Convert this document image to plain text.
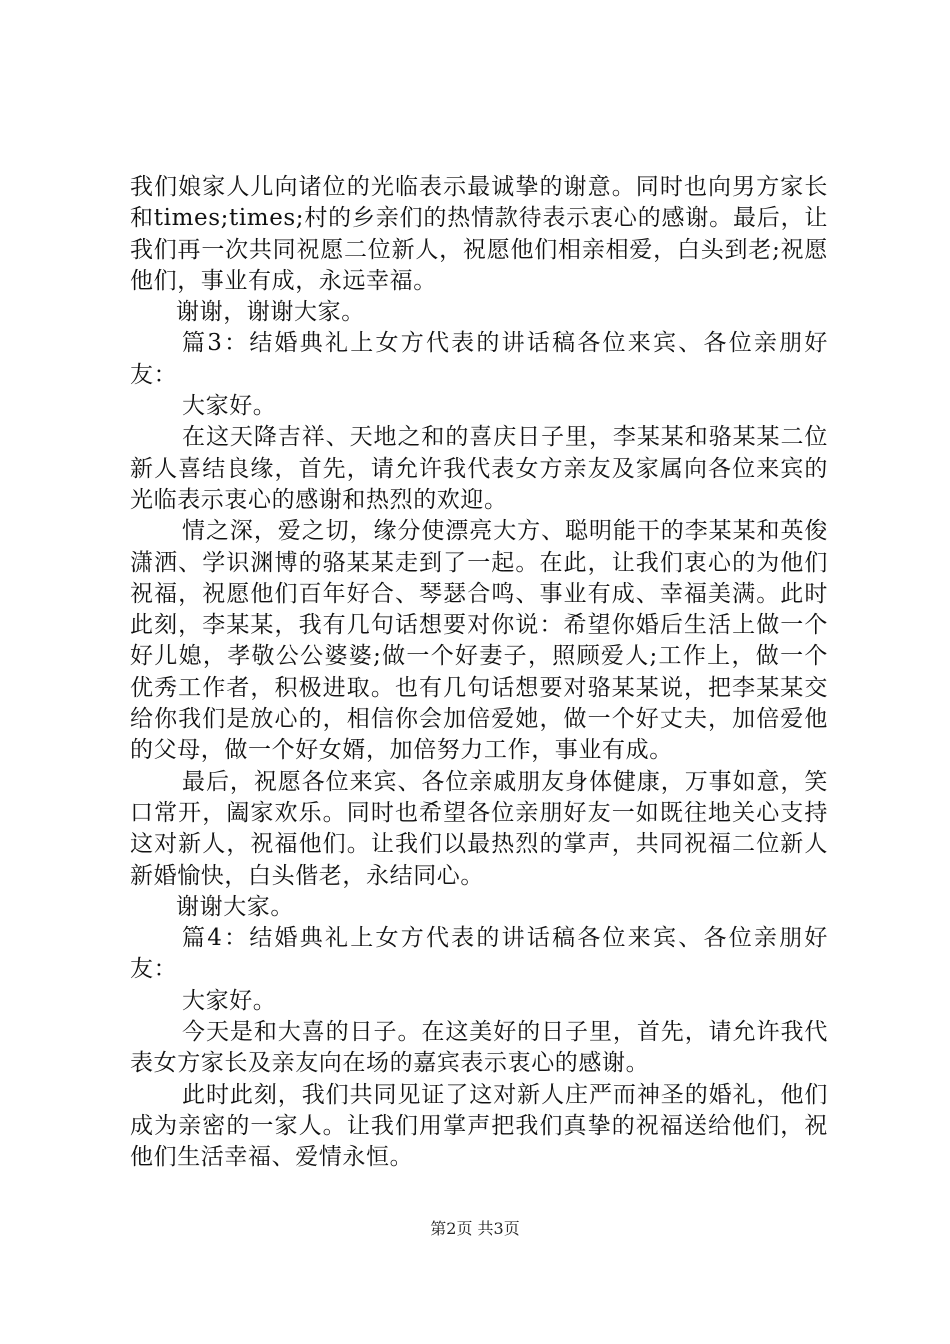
我们娘家人儿向诸位的光临表示最诚挚的谢意。同时也向男方家长和times;times;村的乡亲们的热情款待表示衷心的感谢。最后，让我们再一次共同祝愿二位新人，祝愿他们相亲相爱，白头到老;祝愿他们，事业有成，永远幸福。

谢谢，谢谢大家。

篇3：结婚典礼上女方代表的讲话稿各位来宾、各位亲朋好友：

大家好。

在这天降吉祥、天地之和的喜庆日子里，李某某和骆某某二位新人喜结良缘，首先，请允许我代表女方亲友及家属向各位来宾的光临表示衷心的感谢和热烈的欢迎。

情之深，爱之切，缘分使漂亮大方、聪明能干的李某某和英俊潇洒、学识渊博的骆某某走到了一起。在此，让我们衷心的为他们祝福，祝愿他们百年好合、琴瑟合鸣、事业有成、幸福美满。此时此刻，李某某，我有几句话想要对你说：希望你婚后生活上做一个好儿媳，孝敬公公婆婆;做一个好妻子，照顾爱人;工作上，做一个优秀工作者，积极进取。也有几句话想要对骆某某说，把李某某交给你我们是放心的，相信你会加倍爱她，做一个好丈夫，加倍爱他的父母，做一个好女婿，加倍努力工作，事业有成。

最后，祝愿各位来宾、各位亲戚朋友身体健康，万事如意，笑口常开，阖家欢乐。同时也希望各位亲朋好友一如既往地关心支持这对新人，祝福他们。让我们以最热烈的掌声，共同祝福二位新人新婚愉快，白头偕老，永结同心。

谢谢大家。

篇4：结婚典礼上女方代表的讲话稿各位来宾、各位亲朋好友：

大家好。

今天是和大喜的日子。在这美好的日子里，首先，请允许我代表女方家长及亲友向在场的嘉宾表示衷心的感谢。

此时此刻，我们共同见证了这对新人庄严而神圣的婚礼，他们成为亲密的一家人。让我们用掌声把我们真挚的祝福送给他们，祝他们生活幸福、爱情永恒。

第2页 共3页
